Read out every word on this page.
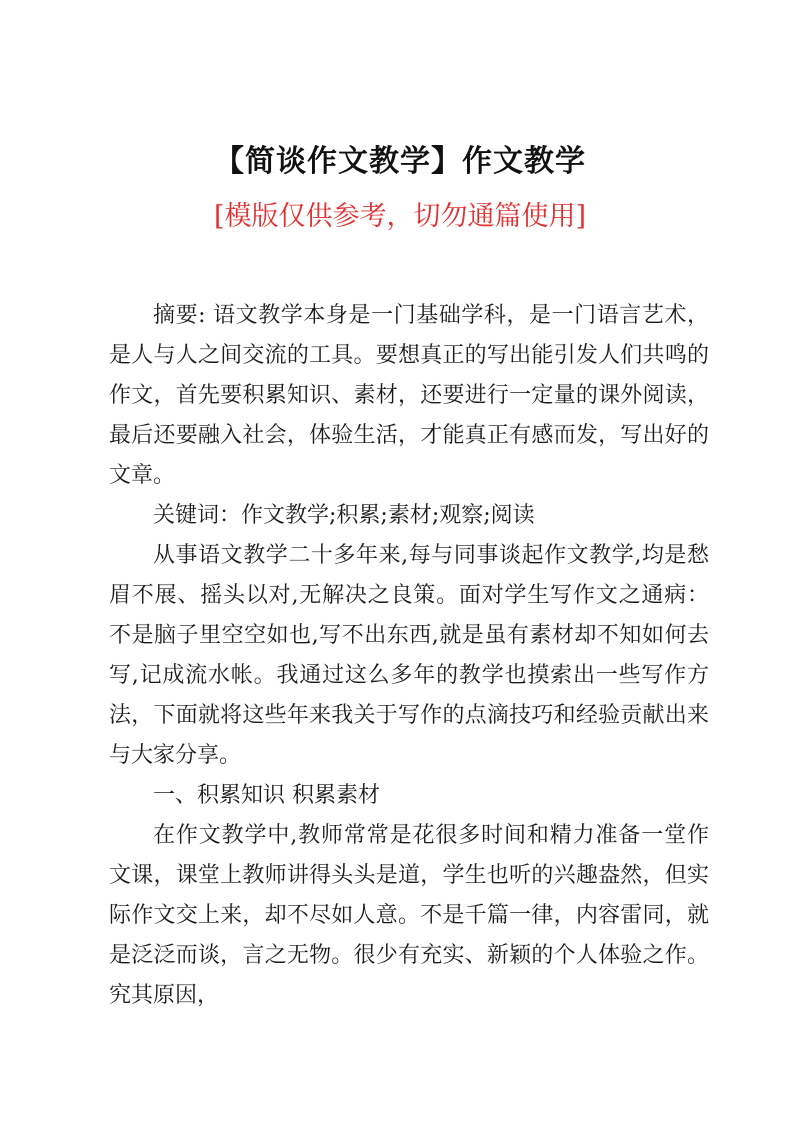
【简谈作文教学】作文教学
[模版仅供参考，切勿通篇使用]

摘要: 语文教学本身是一门基础学科，是一门语言艺术，是人与人之间交流的工具。要想真正的写出能引发人们共鸣的作文，首先要积累知识、素材，还要进行一定量的课外阅读，最后还要融入社会，体验生活，才能真正有感而发，写出好的文章。

关键词：作文教学;积累;素材;观察;阅读

从事语文教学二十多年来,每与同事谈起作文教学,均是愁眉不展、摇头以对,无解决之良策。面对学生写作文之通病：不是脑子里空空如也,写不出东西,就是虽有素材却不知如何去写,记成流水帐。我通过这么多年的教学也摸索出一些写作方法，下面就将这些年来我关于写作的点滴技巧和经验贡献出来与大家分享。

一、积累知识 积累素材

在作文教学中,教师常常是花很多时间和精力准备一堂作文课，课堂上教师讲得头头是道，学生也听的兴趣盎然，但实际作文交上来，却不尽如人意。不是千篇一律，内容雷同，就是泛泛而谈，言之无物。很少有充实、新颖的个人体验之作。究其原因，
